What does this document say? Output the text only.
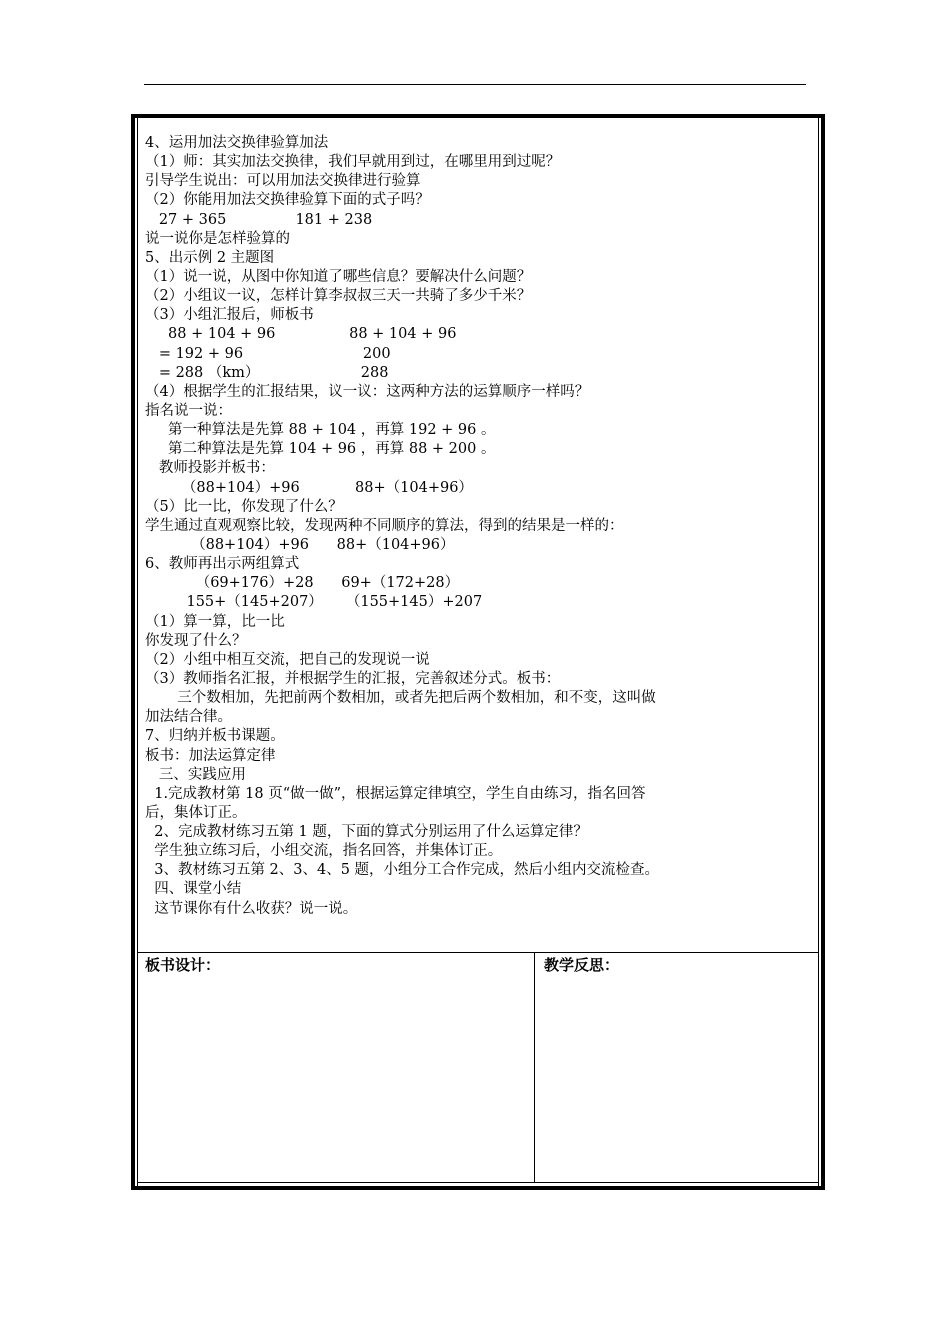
4、运用加法交换律验算加法
（1）师：其实加法交换律，我们早就用到过，在哪里用到过呢？
引导学生说出：可以用加法交换律进行验算
（2）你能用加法交换律验算下面的式子吗？
27 + 365               181 + 238
说一说你是怎样验算的
5、出示例 2 主题图
（1）说一说，从图中你知道了哪些信息？要解决什么问题？
（2）小组议一议，怎样计算李叔叔三天一共骑了多少千米？
（3）小组汇报后，师板书
88 + 104 + 96                88 + 104 + 96
= 192 + 96                          200
= 288 （km）                      288
（4）根据学生的汇报结果，议一议：这两种方法的运算顺序一样吗？
指名说一说：
第一种算法是先算 88 + 104 ，再算 192 + 96 。
第二种算法是先算 104 + 96 ，再算 88 + 200 。
教师投影并板书：
（88+104）+96            88+（104+96）
（5）比一比，你发现了什么？
学生通过直观观察比较，发现两种不同顺序的算法，得到的结果是一样的：
（88+104）+96      88+（104+96）
6、教师再出示两组算式
（69+176）+28      69+（172+28）
155+（145+207）     （155+145）+207
（1）算一算，比一比
你发现了什么？
（2）小组中相互交流，把自己的发现说一说
（3）教师指名汇报，并根据学生的汇报，完善叙述分式。板书：
三个数相加，先把前两个数相加，或者先把后两个数相加，和不变，这叫做
加法结合律。
7、归纳并板书课题。
板书：加法运算定律
三、实践应用
1.完成教材第 18 页“做一做”，根据运算定律填空，学生自由练习，指名回答
后，集体订正。
2、完成教材练习五第 1 题，下面的算式分别运用了什么运算定律？
学生独立练习后，小组交流，指名回答，并集体订正。
3、教材练习五第 2、3、4、5 题，小组分工合作完成，然后小组内交流检查。
四、课堂小结
这节课你有什么收获？说一说。
板书设计：	教学反思：
